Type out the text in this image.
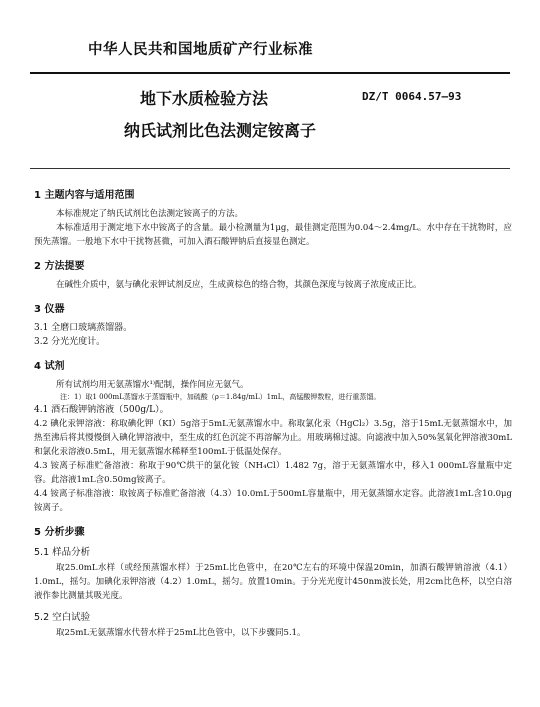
中华人民共和国地质矿产行业标准
地下水质检验方法	DZ/T 0064.57—93
纳氏试剂比色法测定铵离子
1 主题内容与适用范围

本标准规定了纳氏试剂比色法测定铵离子的方法。

本标准适用于测定地下水中铵离子的含量。最小检测量为1μg，最佳测定范围为0.04～2.4mg/L。水中存在干扰物时，应预先蒸馏。一般地下水中干扰物甚微，可加入酒石酸钾钠后直接显色测定。

2 方法提要

在碱性介质中，氨与碘化汞钾试剂反应，生成黄棕色的络合物，其颜色深度与铵离子浓度成正比。

3 仪器

3.1 全磨口玻璃蒸馏器。

3.2 分光光度计。

4 试剂

所有试剂均用无氨蒸馏水¹⁾配制，操作间应无氨气。

注：1）取1 000mL蒸馏水于蒸馏瓶中，加硫酸（ρ＝1.84g/mL）1mL，高锰酸钾数粒，进行重蒸馏。

4.1 酒石酸钾钠溶液（500g/L）。

4.2 碘化汞钾溶液：称取碘化钾（KI）5g溶于5mL无氨蒸馏水中。称取氯化汞（HgCl₂）3.5g，溶于15mL无氨蒸馏水中，加热至沸后将其慢慢倒入碘化钾溶液中，至生成的红色沉淀不再溶解为止。用玻璃棉过滤。向滤液中加入50%氢氧化钾溶液30mL和氯化汞溶液0.5mL，用无氨蒸馏水稀释至100mL于低温处保存。

4.3 铵离子标准贮备溶液：称取于90℃烘干的氯化铵（NH₄Cl）1.482 7g，溶于无氨蒸馏水中，移入1 000mL容量瓶中定容。此溶液1mL含0.50mg铵离子。

4.4 铵离子标准溶液：取铵离子标准贮备溶液（4.3）10.0mL于500mL容量瓶中，用无氨蒸馏水定容。此溶液1mL含10.0μg铵离子。

5 分析步骤
5.1 样品分析

取25.0mL水样（或经预蒸馏水样）于25mL比色管中，在20℃左右的环境中保温20min，加酒石酸钾钠溶液（4.1）1.0mL，摇匀。加碘化汞钾溶液（4.2）1.0mL，摇匀。放置10min。于分光光度计450nm波长处，用2cm比色杯，以空白溶液作参比测量其吸光度。

5.2 空白试验

取25mL无氨蒸馏水代替水样于25mL比色管中，以下步骤同5.1。
